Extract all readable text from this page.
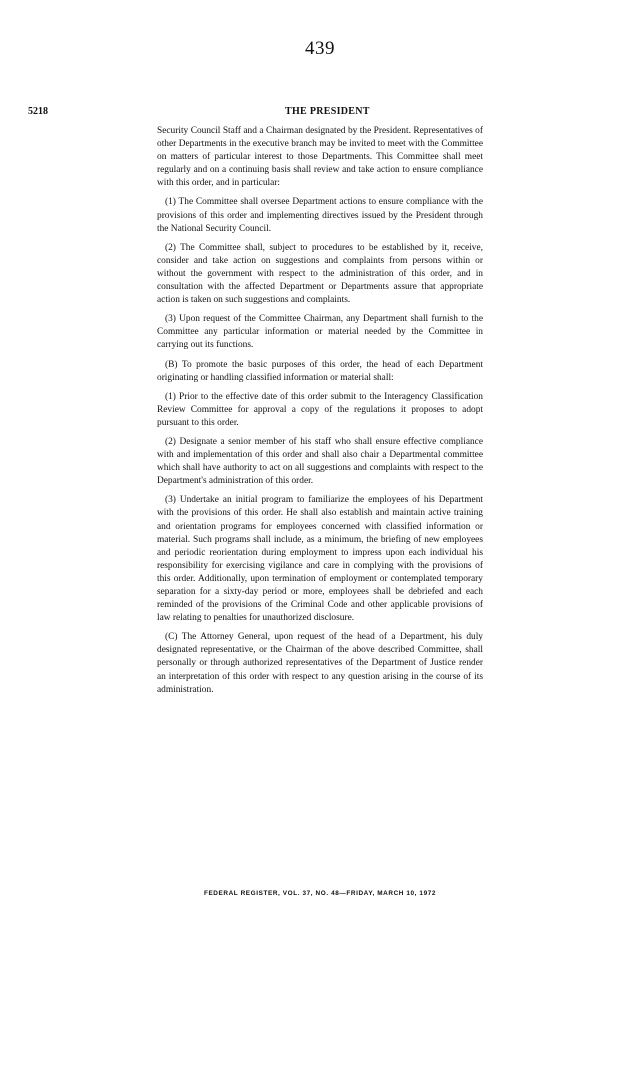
439
5218	THE PRESIDENT

Security Council Staff and a Chairman designated by the President. Representatives of other Departments in the executive branch may be invited to meet with the Committee on matters of particular interest to those Departments. This Committee shall meet regularly and on a continuing basis shall review and take action to ensure compliance with this order, and in particular:

(1) The Committee shall oversee Department actions to ensure compliance with the provisions of this order and implementing directives issued by the President through the National Security Council.

(2) The Committee shall, subject to procedures to be established by it, receive, consider and take action on suggestions and complaints from persons within or without the government with respect to the administration of this order, and in consultation with the affected Department or Departments assure that appropriate action is taken on such suggestions and complaints.

(3) Upon request of the Committee Chairman, any Department shall furnish to the Committee any particular information or material needed by the Committee in carrying out its functions.

(B) To promote the basic purposes of this order, the head of each Department originating or handling classified information or material shall:

(1) Prior to the effective date of this order submit to the Interagency Classification Review Committee for approval a copy of the regulations it proposes to adopt pursuant to this order.

(2) Designate a senior member of his staff who shall ensure effective compliance with and implementation of this order and shall also chair a Departmental committee which shall have authority to act on all suggestions and complaints with respect to the Department's administration of this order.

(3) Undertake an initial program to familiarize the employees of his Department with the provisions of this order. He shall also establish and maintain active training and orientation programs for employees concerned with classified information or material. Such programs shall include, as a minimum, the briefing of new employees and periodic reorientation during employment to impress upon each individual his responsibility for exercising vigilance and care in complying with the provisions of this order. Additionally, upon termination of employment or contemplated temporary separation for a sixty-day period or more, employees shall be debriefed and each reminded of the provisions of the Criminal Code and other applicable provisions of law relating to penalties for unauthorized disclosure.

(C) The Attorney General, upon request of the head of a Department, his duly designated representative, or the Chairman of the above described Committee, shall personally or through authorized representatives of the Department of Justice render an interpretation of this order with respect to any question arising in the course of its administration.

FEDERAL REGISTER, VOL. 37, NO. 48—FRIDAY, MARCH 10, 1972
